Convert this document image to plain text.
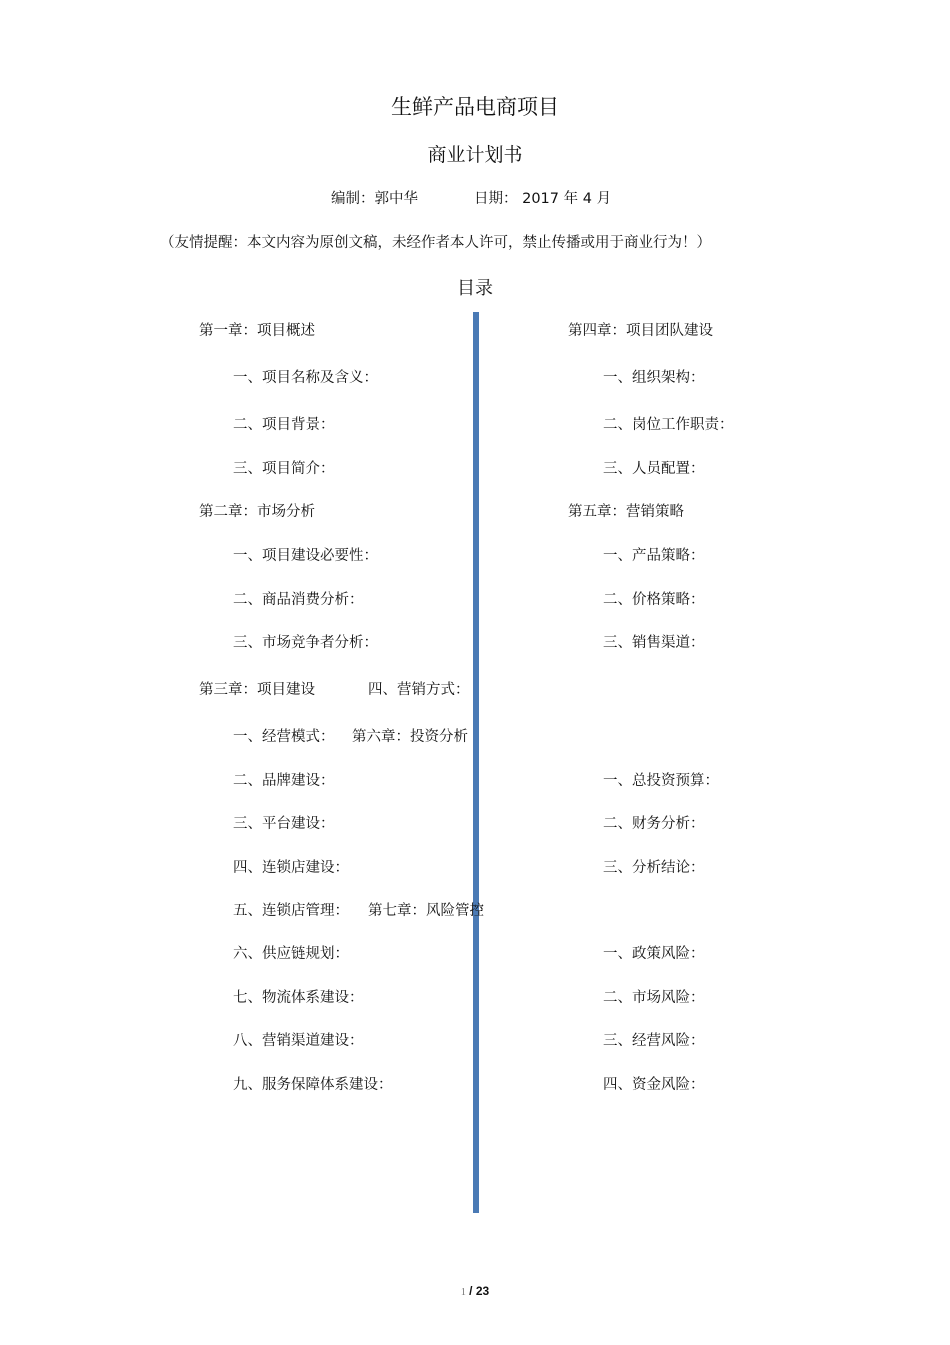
生鲜产品电商项目
商业计划书
编制：郭中华	日期： 2017 年 4 月
（友情提醒：本文内容为原创文稿，未经作者本人许可，禁止传播或用于商业行为！）
目录
第一章：项目概述
一、项目名称及含义：
二、项目背景：
三、项目简介：
第二章：市场分析
一、项目建设必要性：
二、商品消费分析：
三、市场竞争者分析：
第三章：项目建设
一、经营模式：
二、品牌建设：
三、平台建设：
四、连锁店建设：
五、连锁店管理：
六、供应链规划：
七、物流体系建设：
八、营销渠道建设：
九、服务保障体系建设：
四、营销方式：
第六章：投资分析
第七章：风险管控
第四章：项目团队建设
一、组织架构：
二、岗位工作职责：
三、人员配置：
第五章：营销策略
一、产品策略：
二、价格策略：
三、销售渠道：
一、总投资预算：
二、财务分析：
三、分析结论：
一、政策风险：
二、市场风险：
三、经营风险：
四、资金风险：
1 / 23
